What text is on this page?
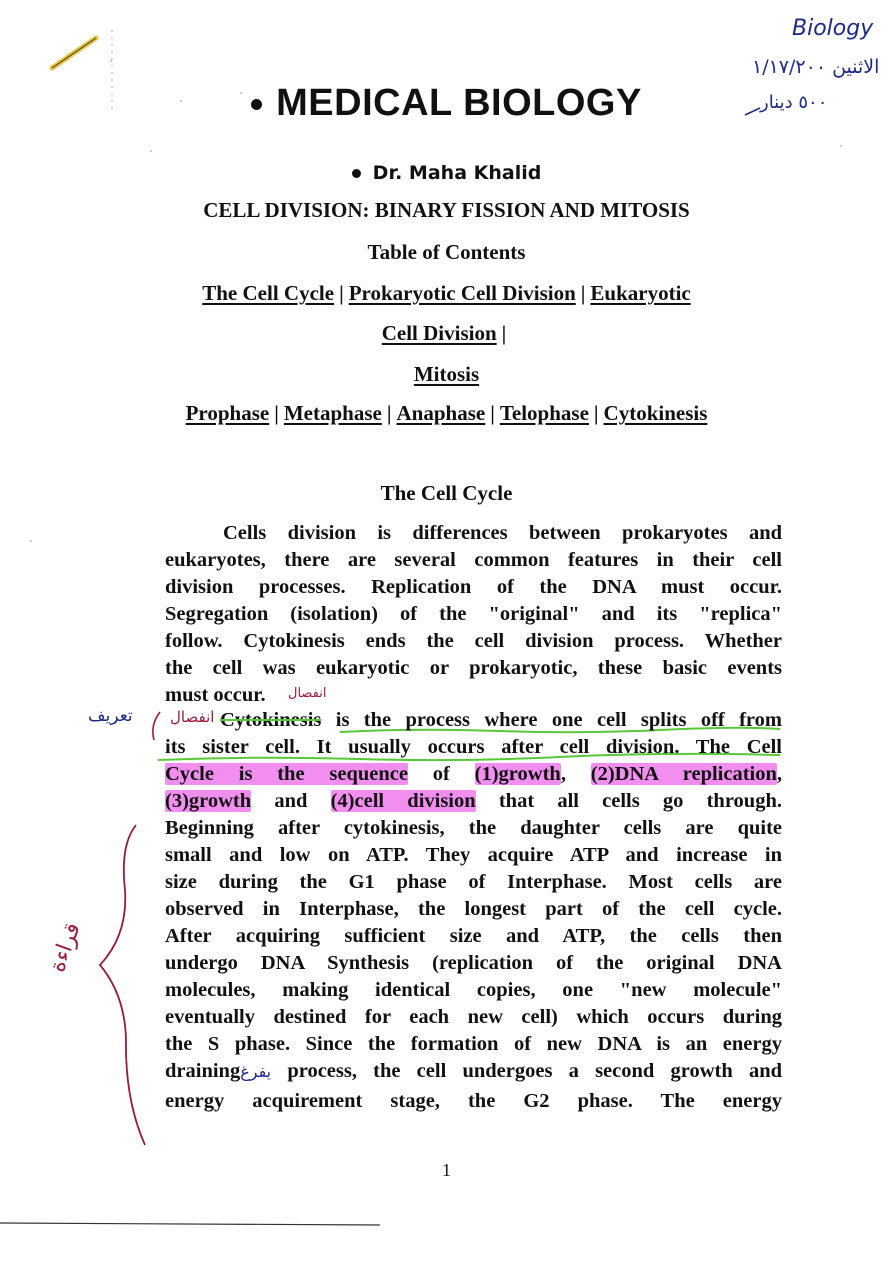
Biology
الاثنين ١/١٧/٢٠٠
٥٠٠ دينار
MEDICAL BIOLOGY
Dr. Maha Khalid
CELL DIVISION: BINARY FISSION AND MITOSIS
Table of Contents
The Cell Cycle | Prokaryotic Cell Division | Eukaryotic
Cell Division |
Mitosis
Prophase | Metaphase | Anaphase | Telophase | Cytokinesis
The Cell Cycle
Cells division is differences between prokaryotes and
eukaryotes, there are several common features in their cell
division processes. Replication of the DNA must occur.
Segregation (isolation) of the "original" and its "replica"
follow. Cytokinesis ends the cell division process. Whether
the cell was eukaryotic or prokaryotic, these basic events
must occur.	انفصال
تعريف انفصال
قراءة
Cytokinesis is the process where one cell splits off from
its sister cell. It usually occurs after cell division. The Cell
Cycle is the sequence of (1)growth, (2)DNA replication,
(3)growth and (4)cell division that all cells go through.
Beginning after cytokinesis, the daughter cells are quite
small and low on ATP. They acquire ATP and increase in
size during the G1 phase of Interphase. Most cells are
observed in Interphase, the longest part of the cell cycle.
After acquiring sufficient size and ATP, the cells then
undergo DNA Synthesis (replication of the original DNA
molecules, making identical copies, one "new molecule"
eventually destined for each new cell) which occurs during
the S phase. Since the formation of new DNA is an energy
drainingيفرغ process, the cell undergoes a second growth and
energy acquirement stage, the G2 phase. The energy
1
